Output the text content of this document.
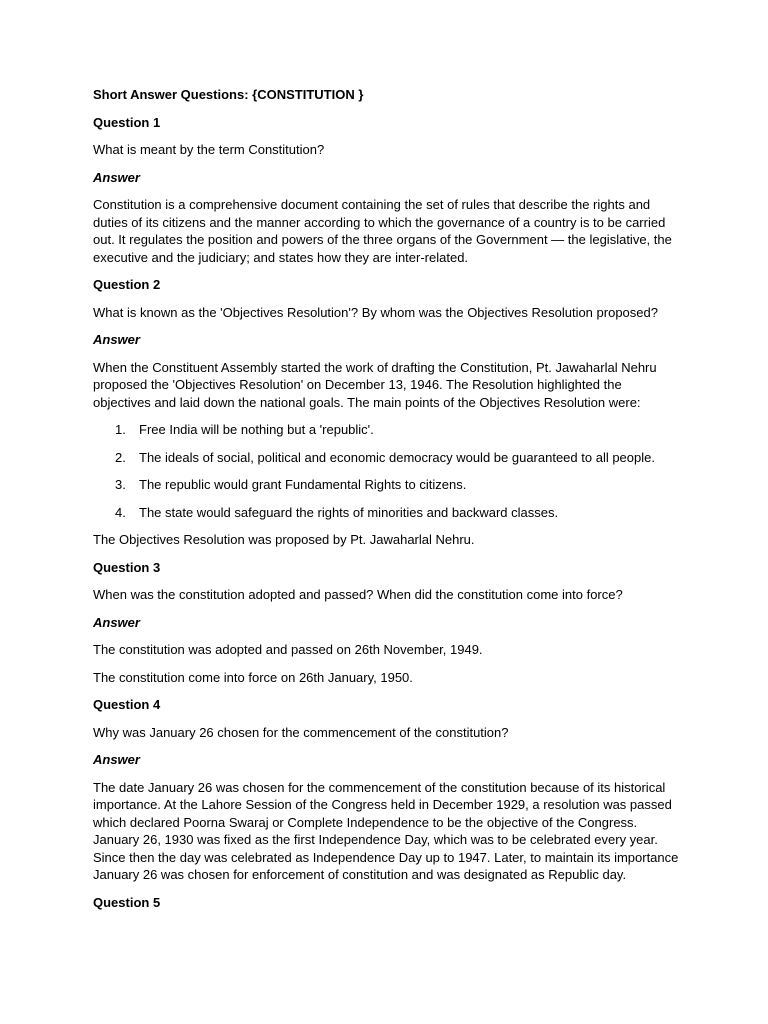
Short Answer Questions: {CONSTITUTION }

Question 1

What is meant by the term Constitution?

Answer

Constitution is a comprehensive document containing the set of rules that describe the rights and duties of its citizens and the manner according to which the governance of a country is to be carried out. It regulates the position and powers of the three organs of the Government — the legislative, the executive and the judiciary; and states how they are inter-related.

Question 2

What is known as the 'Objectives Resolution'? By whom was the Objectives Resolution proposed?

Answer

When the Constituent Assembly started the work of drafting the Constitution, Pt. Jawaharlal Nehru proposed the 'Objectives Resolution' on December 13, 1946. The Resolution highlighted the objectives and laid down the national goals. The main points of the Objectives Resolution were:

1. Free India will be nothing but a 'republic'.
2. The ideals of social, political and economic democracy would be guaranteed to all people.
3. The republic would grant Fundamental Rights to citizens.
4. The state would safeguard the rights of minorities and backward classes.

The Objectives Resolution was proposed by Pt. Jawaharlal Nehru.

Question 3

When was the constitution adopted and passed? When did the constitution come into force?

Answer

The constitution was adopted and passed on 26th November, 1949.

The constitution come into force on 26th January, 1950.

Question 4

Why was January 26 chosen for the commencement of the constitution?

Answer

The date January 26 was chosen for the commencement of the constitution because of its historical importance. At the Lahore Session of the Congress held in December 1929, a resolution was passed which declared Poorna Swaraj or Complete Independence to be the objective of the Congress. January 26, 1930 was fixed as the first Independence Day, which was to be celebrated every year. Since then the day was celebrated as Independence Day up to 1947. Later, to maintain its importance January 26 was chosen for enforcement of constitution and was designated as Republic day.

Question 5
